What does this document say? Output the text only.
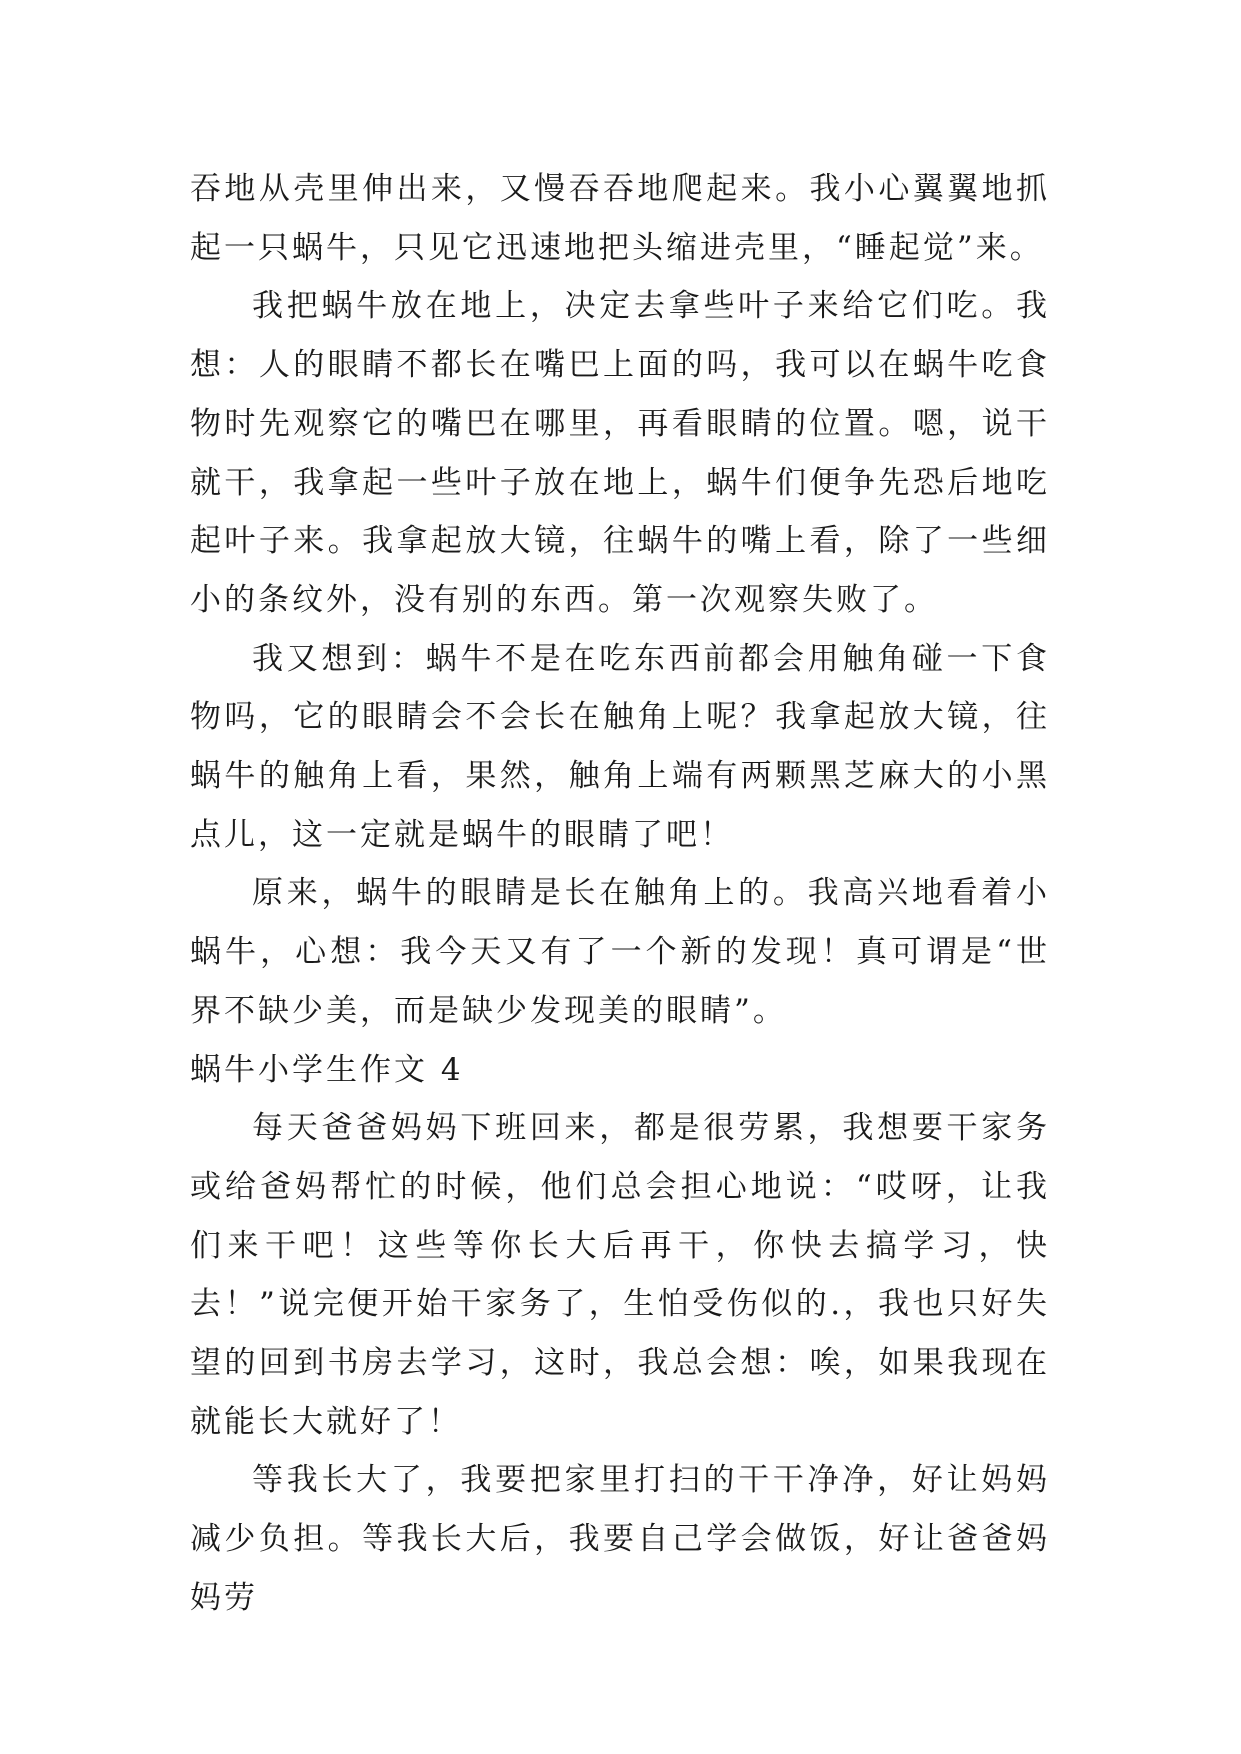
吞地从壳里伸出来，又慢吞吞地爬起来。我小心翼翼地抓起一只蜗牛，只见它迅速地把头缩进壳里，“睡起觉”来。

我把蜗牛放在地上，决定去拿些叶子来给它们吃。我想：人的眼睛不都长在嘴巴上面的吗，我可以在蜗牛吃食物时先观察它的嘴巴在哪里，再看眼睛的位置。嗯，说干就干，我拿起一些叶子放在地上，蜗牛们便争先恐后地吃起叶子来。我拿起放大镜，往蜗牛的嘴上看，除了一些细小的条纹外，没有别的东西。第一次观察失败了。

我又想到：蜗牛不是在吃东西前都会用触角碰一下食物吗，它的眼睛会不会长在触角上呢？我拿起放大镜，往蜗牛的触角上看，果然，触角上端有两颗黑芝麻大的小黑点儿，这一定就是蜗牛的眼睛了吧！

原来，蜗牛的眼睛是长在触角上的。我高兴地看着小蜗牛，心想：我今天又有了一个新的发现！真可谓是“世界不缺少美，而是缺少发现美的眼睛”。

蜗牛小学生作文 4

每天爸爸妈妈下班回来，都是很劳累，我想要干家务或给爸妈帮忙的时候，他们总会担心地说：“哎呀，让我们来干吧！这些等你长大后再干，你快去搞学习，快去！”说完便开始干家务了，生怕受伤似的.，我也只好失望的回到书房去学习，这时，我总会想：唉，如果我现在就能长大就好了！

等我长大了，我要把家里打扫的干干净净，好让妈妈减少负担。等我长大后，我要自己学会做饭，好让爸爸妈妈劳
